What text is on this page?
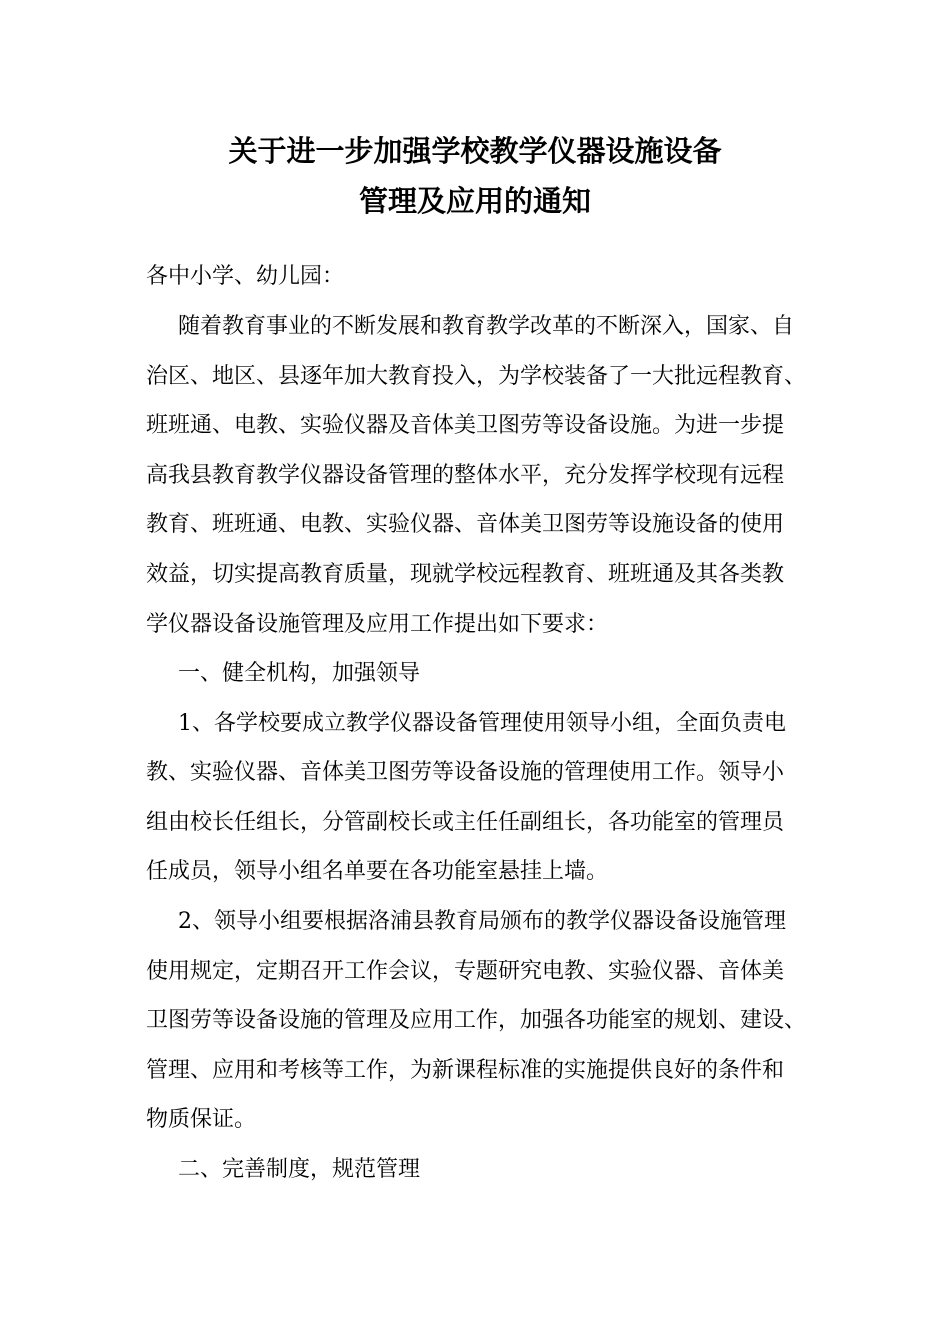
关于进一步加强学校教学仪器设施设备
管理及应用的通知
各中小学、幼儿园：
随着教育事业的不断发展和教育教学改革的不断深入，国家、自
治区、地区、县逐年加大教育投入，为学校装备了一大批远程教育、
班班通、电教、实验仪器及音体美卫图劳等设备设施。为进一步提
高我县教育教学仪器设备管理的整体水平，充分发挥学校现有远程
教育、班班通、电教、实验仪器、音体美卫图劳等设施设备的使用
效益，切实提高教育质量，现就学校远程教育、班班通及其各类教
学仪器设备设施管理及应用工作提出如下要求：
一、健全机构，加强领导
1、各学校要成立教学仪器设备管理使用领导小组，全面负责电
教、实验仪器、音体美卫图劳等设备设施的管理使用工作。领导小
组由校长任组长，分管副校长或主任任副组长，各功能室的管理员
任成员，领导小组名单要在各功能室悬挂上墙。
2、领导小组要根据洛浦县教育局颁布的教学仪器设备设施管理
使用规定，定期召开工作会议，专题研究电教、实验仪器、音体美
卫图劳等设备设施的管理及应用工作，加强各功能室的规划、建设、
管理、应用和考核等工作，为新课程标准的实施提供良好的条件和
物质保证。
二、完善制度，规范管理
